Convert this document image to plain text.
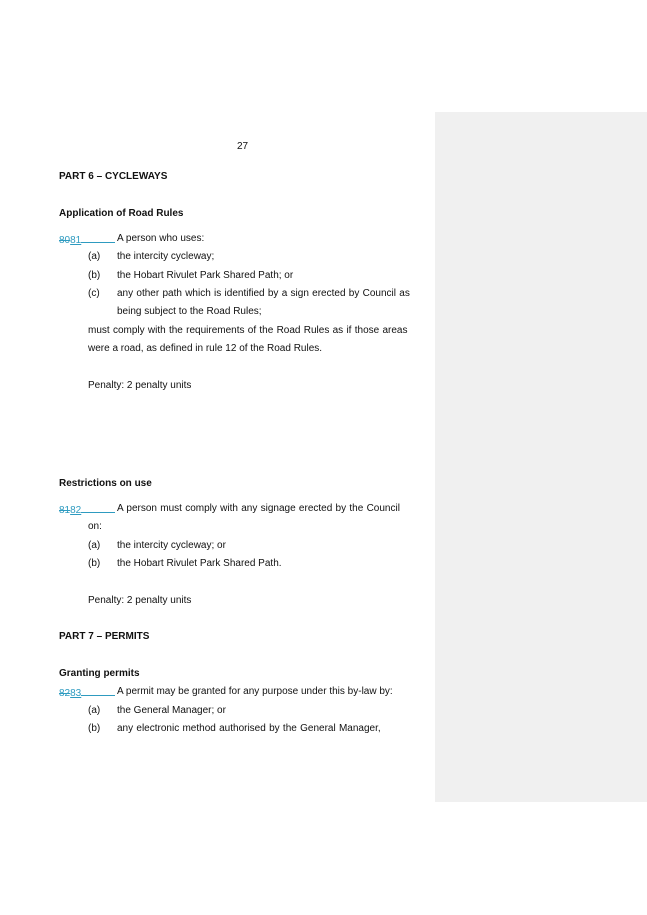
27
PART 6 – CYCLEWAYS
Application of Road Rules
80 81	A person who uses:
(a) the intercity cycleway;
(b) the Hobart Rivulet Park Shared Path; or
(c) any other path which is identified by a sign erected by Council as
being subject to the Road Rules;
must comply with the requirements of the Road Rules as if those areas
were a road, as defined in rule 12 of the Road Rules.
Penalty: 2 penalty units
Restrictions on use
81 82	A person must comply with any signage erected by the Council
on:
(a) the intercity cycleway; or
(b) the Hobart Rivulet Park Shared Path.
Penalty: 2 penalty units
PART 7 – PERMITS
Granting permits
82 83	A permit may be granted for any purpose under this by-law by:
(a) the General Manager; or
(b) any electronic method authorised by the General Manager,
